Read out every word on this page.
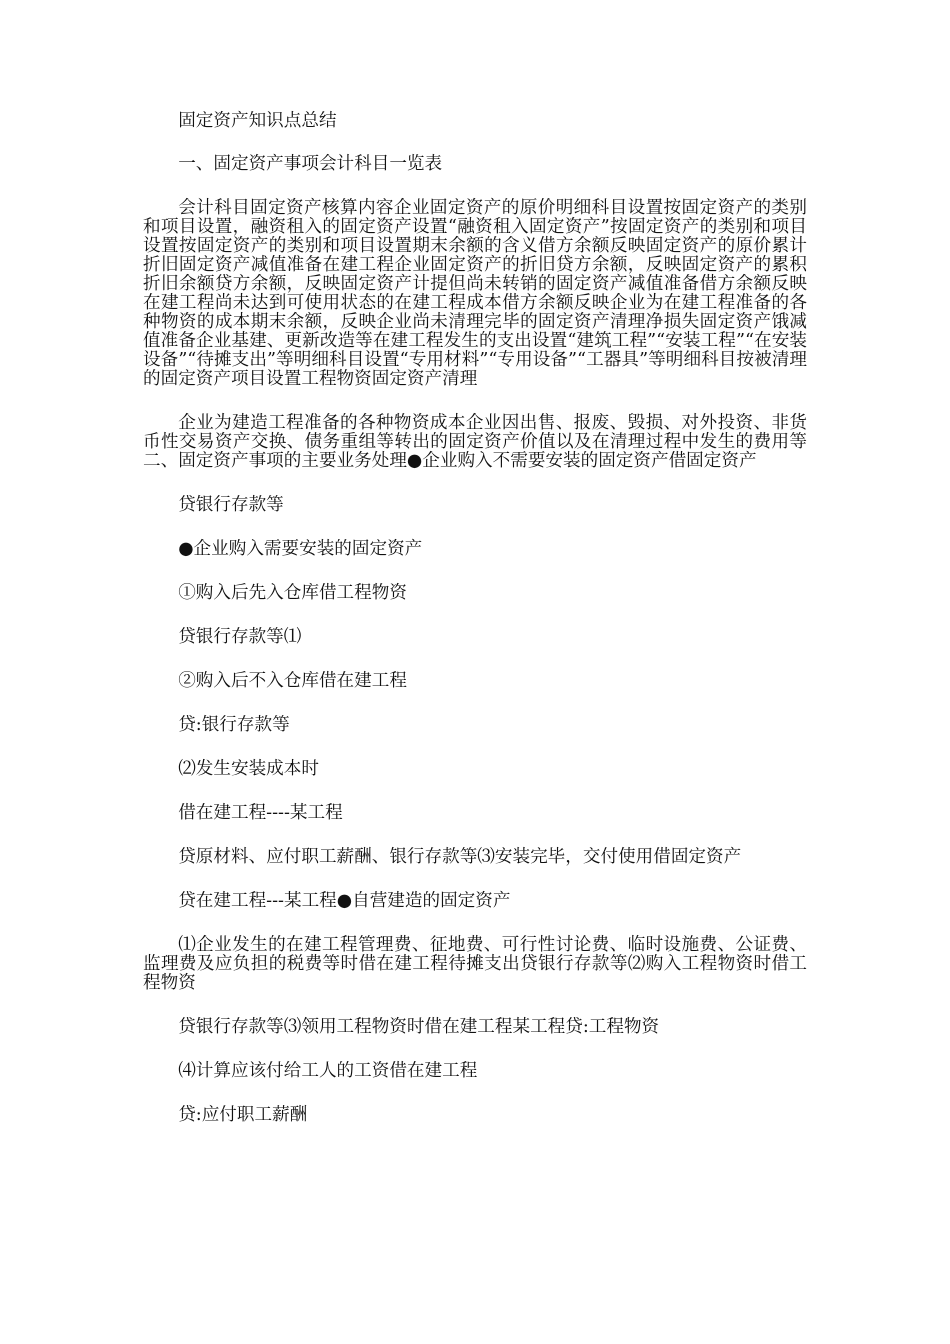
固定资产知识点总结

一、固定资产事项会计科目一览表

会计科目固定资产核算内容企业固定资产的原价明细科目设置按固定资产的类别和项目设置，融资租入的固定资产设置“融资租入固定资产”按固定资产的类别和项目设置按固定资产的类别和项目设置期末余额的含义借方余额反映固定资产的原价累计折旧固定资产减值准备在建工程企业固定资产的折旧贷方余额，反映固定资产的累积折旧余额贷方余额，反映固定资产计提但尚未转销的固定资产减值准备借方余额反映在建工程尚未达到可使用状态的在建工程成本借方余额反映企业为在建工程准备的各种物资的成本期末余额，反映企业尚未清理完毕的固定资产清理净损失固定资产饿减值准备企业基建、更新改造等在建工程发生的支出设置“建筑工程”“安装工程”“在安装设备”“待摊支出”等明细科目设置“专用材料”“专用设备”“工器具”等明细科目按被清理的固定资产项目设置工程物资固定资产清理

企业为建造工程准备的各种物资成本企业因出售、报废、毁损、对外投资、非货币性交易资产交换、债务重组等转出的固定资产价值以及在清理过程中发生的费用等二、固定资产事项的主要业务处理●企业购入不需要安装的固定资产借固定资产

贷银行存款等

●企业购入需要安装的固定资产

①购入后先入仓库借工程物资

贷银行存款等⑴

②购入后不入仓库借在建工程

贷:银行存款等

⑵发生安装成本时

借在建工程----某工程

贷原材料、应付职工薪酬、银行存款等⑶安装完毕，交付使用借固定资产

贷在建工程---某工程●自营建造的固定资产

⑴企业发生的在建工程管理费、征地费、可行性讨论费、临时设施费、公证费、监理费及应负担的税费等时借在建工程待摊支出贷银行存款等⑵购入工程物资时借工程物资

贷银行存款等⑶领用工程物资时借在建工程某工程贷:工程物资

⑷计算应该付给工人的工资借在建工程

贷:应付职工薪酬
